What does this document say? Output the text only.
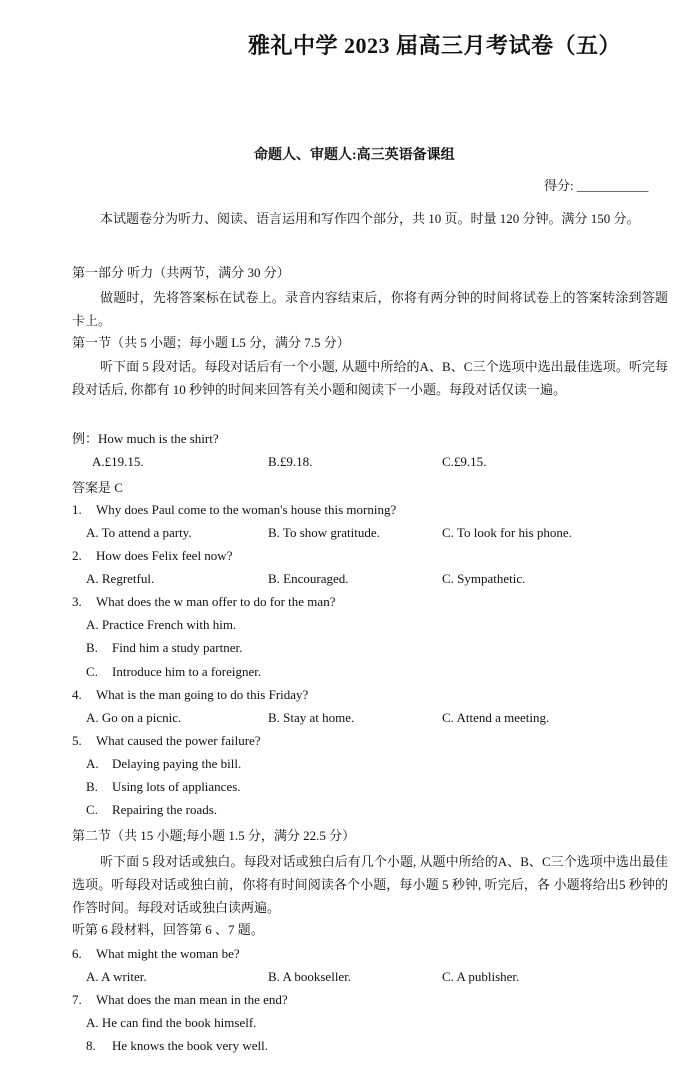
雅礼中学 2023 届高三月考试卷（五）
命题人、审题人:高三英语备课组
得分: ___________
本试题卷分为听力、阅读、语言运用和写作四个部分，共 10 页。时量 120 分钟。满分 150 分。
第一部分 听力（共两节，满分 30 分）
做题时，先将答案标在试卷上。录音内容结束后，你将有两分钟的时间将试卷上的答案转涂到答题卡上。
第一节（共 5 小题；每小题 L5 分，满分 7.5 分）
听下面 5 段对话。每段对话后有一个小题, 从题中所给的A、B、C三个选项中选出最佳选项。听完每段对话后, 你都有 10 秒钟的时间来回答有关小题和阅读下一小题。每段对话仅读一遍。
例：How much is the shirt?
A.£19.15.	B.£9.18.	C.£9.15.
答案是 C
1. Why does Paul come to the woman's house this morning?
A. To attend a party.	B. To show gratitude.	C. To look for his phone.
2. How does Felix feel now?
A. Regretful.	B. Encouraged.	C. Sympathetic.
3. What does the w man offer to do for the man?
A. Practice French with him.
B. Find him a study partner.
C. Introduce him to a foreigner.
4. What is the man going to do this Friday?
A. Go on a picnic.	B. Stay at home.	C. Attend a meeting.
5. What caused the power failure?
A. Delaying paying the bill.
B. Using lots of appliances.
C. Repairing the roads.
第二节（共 15 小题;每小题 1.5 分，满分 22.5 分）
听下面 5 段对话或独白。每段对话或独白后有几个小题, 从题中所给的A、B、C三个选项中选出最佳选项。听每段对话或独白前，你将有时间阅读各个小题，每小题 5 秒钟, 听完后，各 小题将给出5 秒钟的作答时间。每段对话或独白读两遍。
听第 6 段材料，回答第 6 、7 题。
6. What might the woman be?
A. A writer.	B. A bookseller.	C. A publisher.
7. What does the man mean in the end?
A. He can find the book himself.
8. He knows the book very well.
